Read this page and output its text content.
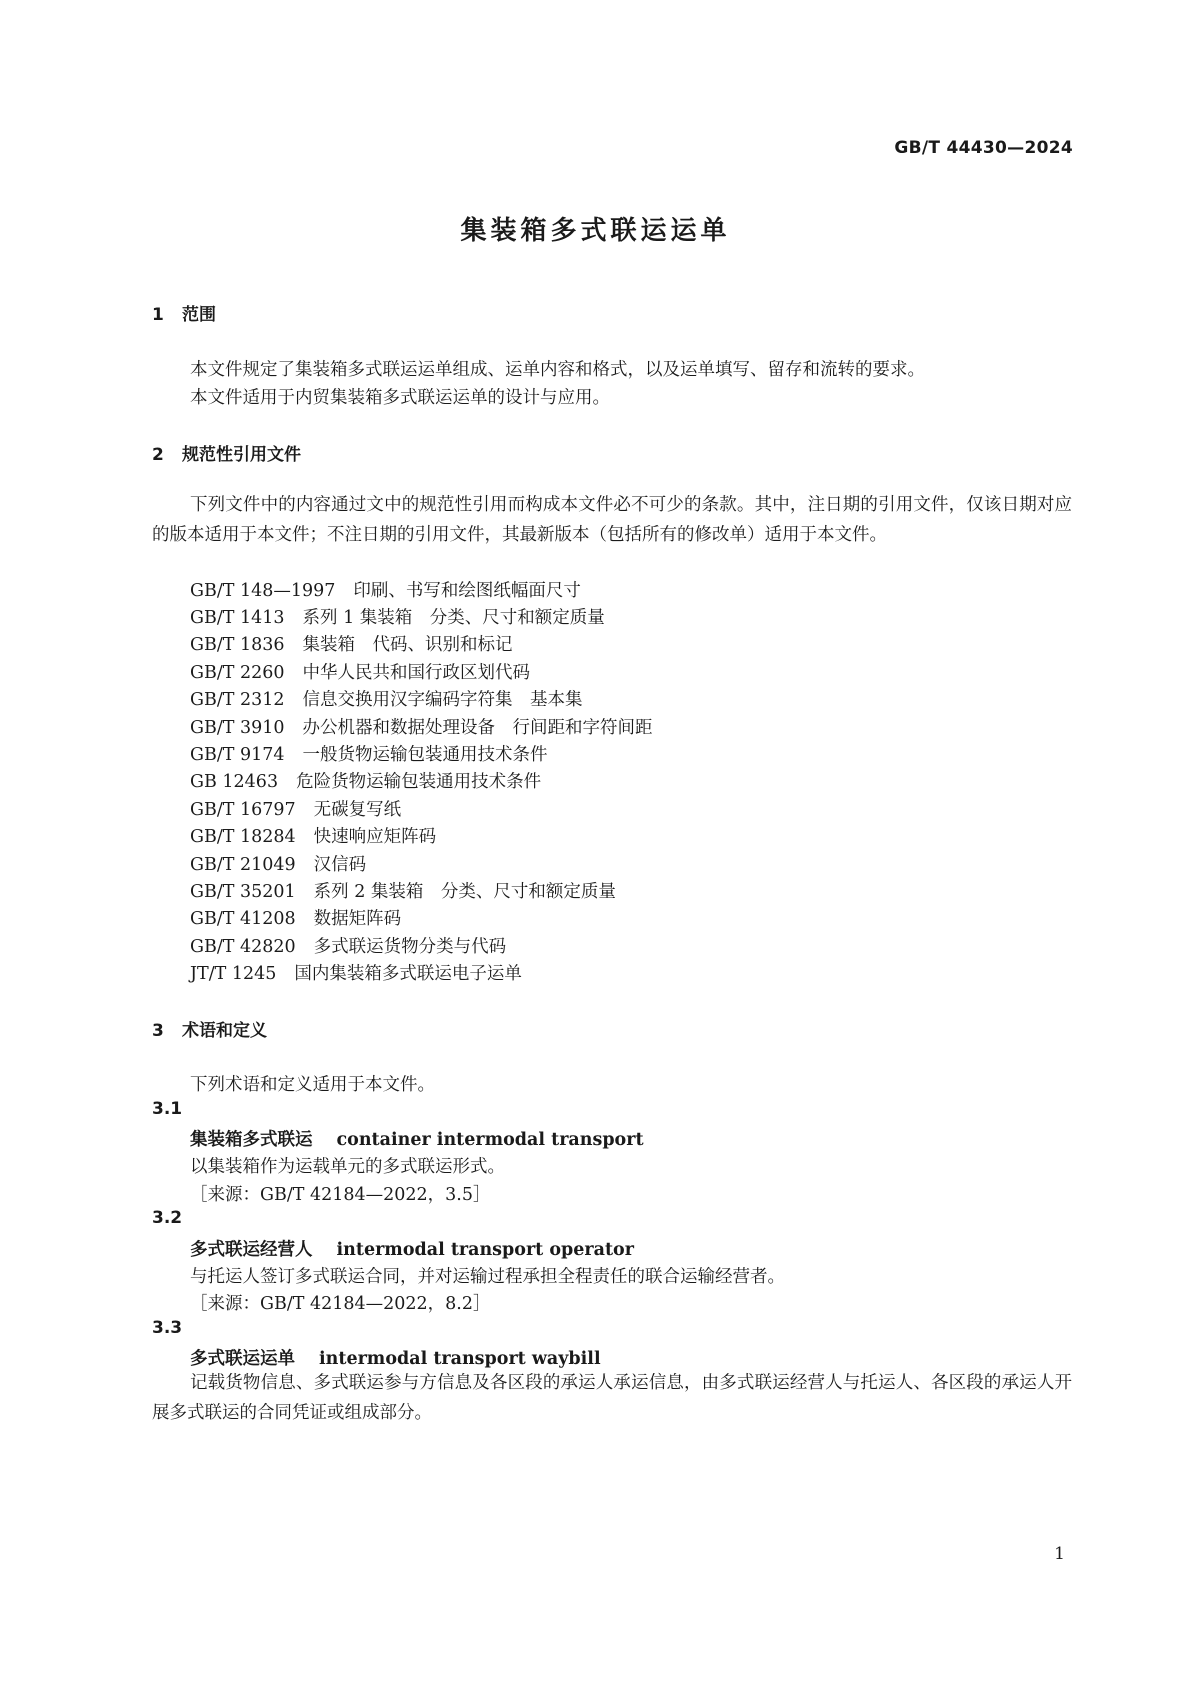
GB/T 44430—2024
集装箱多式联运运单
1 范围
本文件规定了集装箱多式联运运单组成、运单内容和格式，以及运单填写、留存和流转的要求。
本文件适用于内贸集装箱多式联运运单的设计与应用。
2 规范性引用文件
下列文件中的内容通过文中的规范性引用而构成本文件必不可少的条款。其中，注日期的引用文件，仅该日期对应的版本适用于本文件；不注日期的引用文件，其最新版本（包括所有的修改单）适用于本文件。
GB/T 148—1997 印刷、书写和绘图纸幅面尺寸
GB/T 1413 系列 1 集装箱　分类、尺寸和额定质量
GB/T 1836 集装箱　代码、识别和标记
GB/T 2260 中华人民共和国行政区划代码
GB/T 2312 信息交换用汉字编码字符集　基本集
GB/T 3910 办公机器和数据处理设备　行间距和字符间距
GB/T 9174 一般货物运输包装通用技术条件
GB 12463 危险货物运输包装通用技术条件
GB/T 16797 无碳复写纸
GB/T 18284 快速响应矩阵码
GB/T 21049 汉信码
GB/T 35201 系列 2 集装箱　分类、尺寸和额定质量
GB/T 41208 数据矩阵码
GB/T 42820 多式联运货物分类与代码
JT/T 1245 国内集装箱多式联运电子运单
3 术语和定义
下列术语和定义适用于本文件。
3.1
集装箱多式联运 container intermodal transport
以集装箱作为运载单元的多式联运形式。
［来源：GB/T 42184—2022，3.5］
3.2
多式联运经营人 intermodal transport operator
与托运人签订多式联运合同，并对运输过程承担全程责任的联合运输经营者。
［来源：GB/T 42184—2022，8.2］
3.3
多式联运运单 intermodal transport waybill
记载货物信息、多式联运参与方信息及各区段的承运人承运信息，由多式联运经营人与托运人、各区段的承运人开展多式联运的合同凭证或组成部分。
1
